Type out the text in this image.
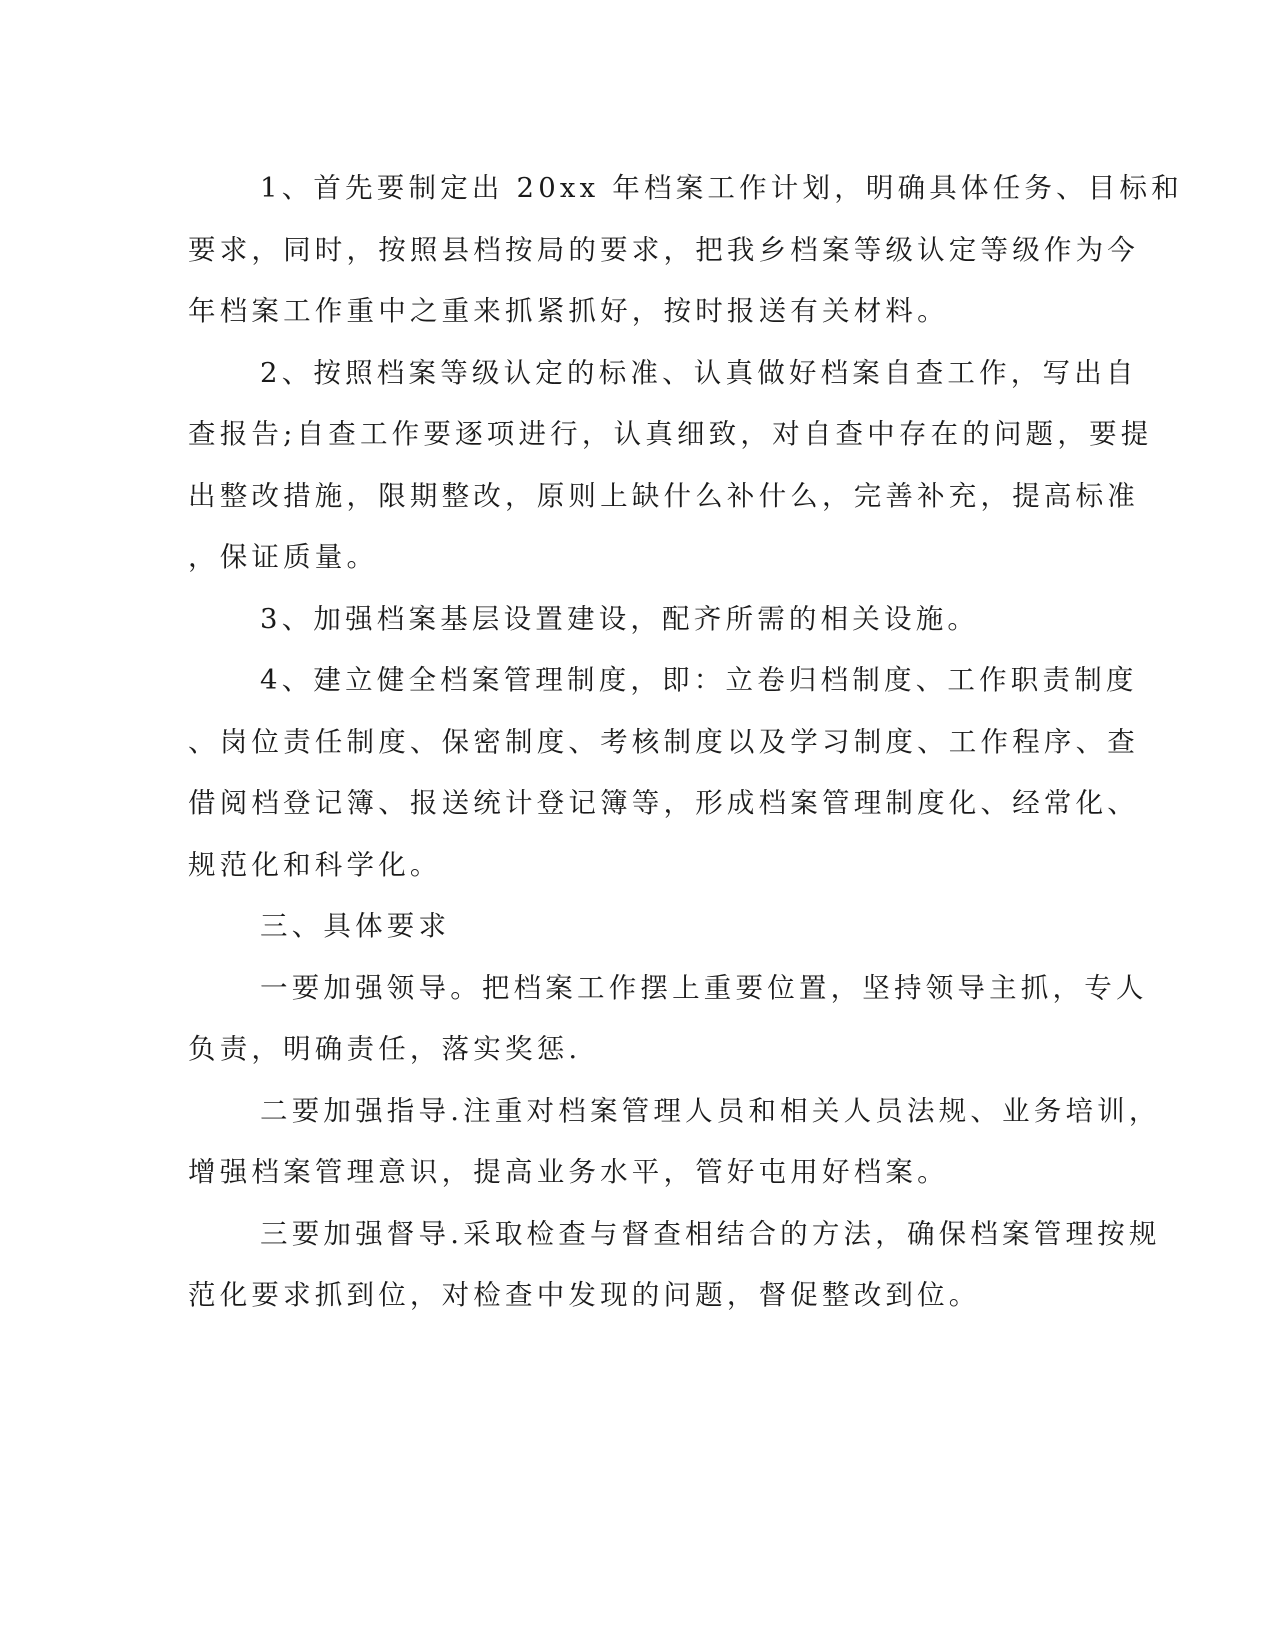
1、首先要制定出 20xx 年档案工作计划，明确具体任务、目标和
要求，同时，按照县档按局的要求，把我乡档案等级认定等级作为今
年档案工作重中之重来抓紧抓好，按时报送有关材料。
2、按照档案等级认定的标准、认真做好档案自查工作，写出自
查报告;自查工作要逐项进行，认真细致，对自查中存在的问题，要提
出整改措施，限期整改，原则上缺什么补什么，完善补充，提高标准
，保证质量。
3、加强档案基层设置建设，配齐所需的相关设施。
4、建立健全档案管理制度，即：立卷归档制度、工作职责制度
、岗位责任制度、保密制度、考核制度以及学习制度、工作程序、查
借阅档登记簿、报送统计登记簿等，形成档案管理制度化、经常化、
规范化和科学化。
三、具体要求
一要加强领导。把档案工作摆上重要位置，坚持领导主抓，专人
负责，明确责任，落实奖惩.
二要加强指导.注重对档案管理人员和相关人员法规、业务培训，
增强档案管理意识，提高业务水平，管好屯用好档案。
三要加强督导.采取检查与督查相结合的方法，确保档案管理按规
范化要求抓到位，对检查中发现的问题，督促整改到位。
